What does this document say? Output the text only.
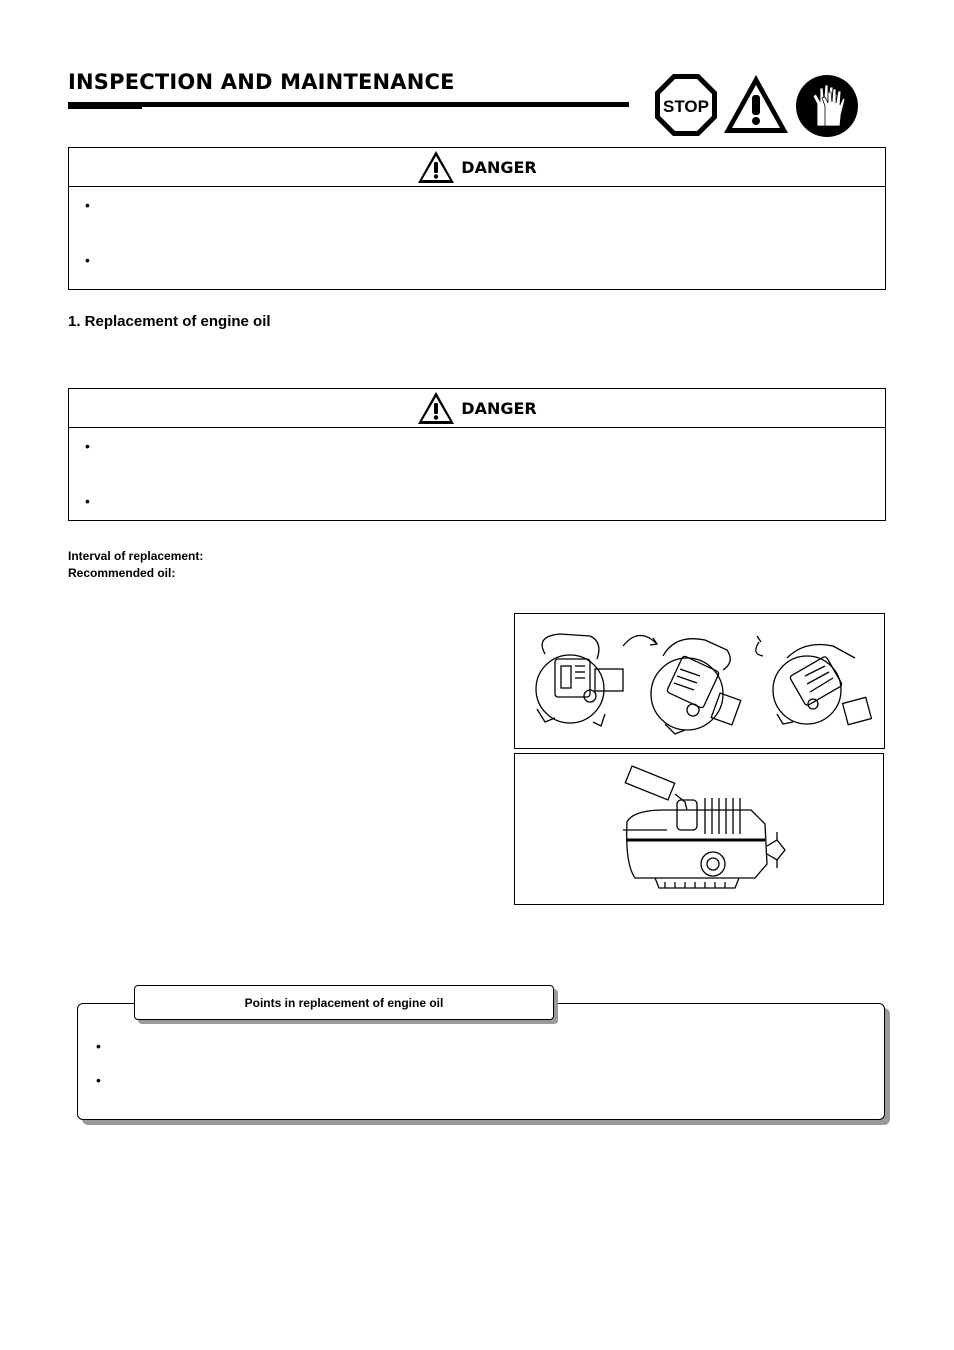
INSPECTION AND MAINTENANCE
STOP
DANGER
•
•
1. Replacement of engine oil
DANGER
•
•
Interval of replacement:
Recommended oil:
•
•
Points in replacement of engine oil
